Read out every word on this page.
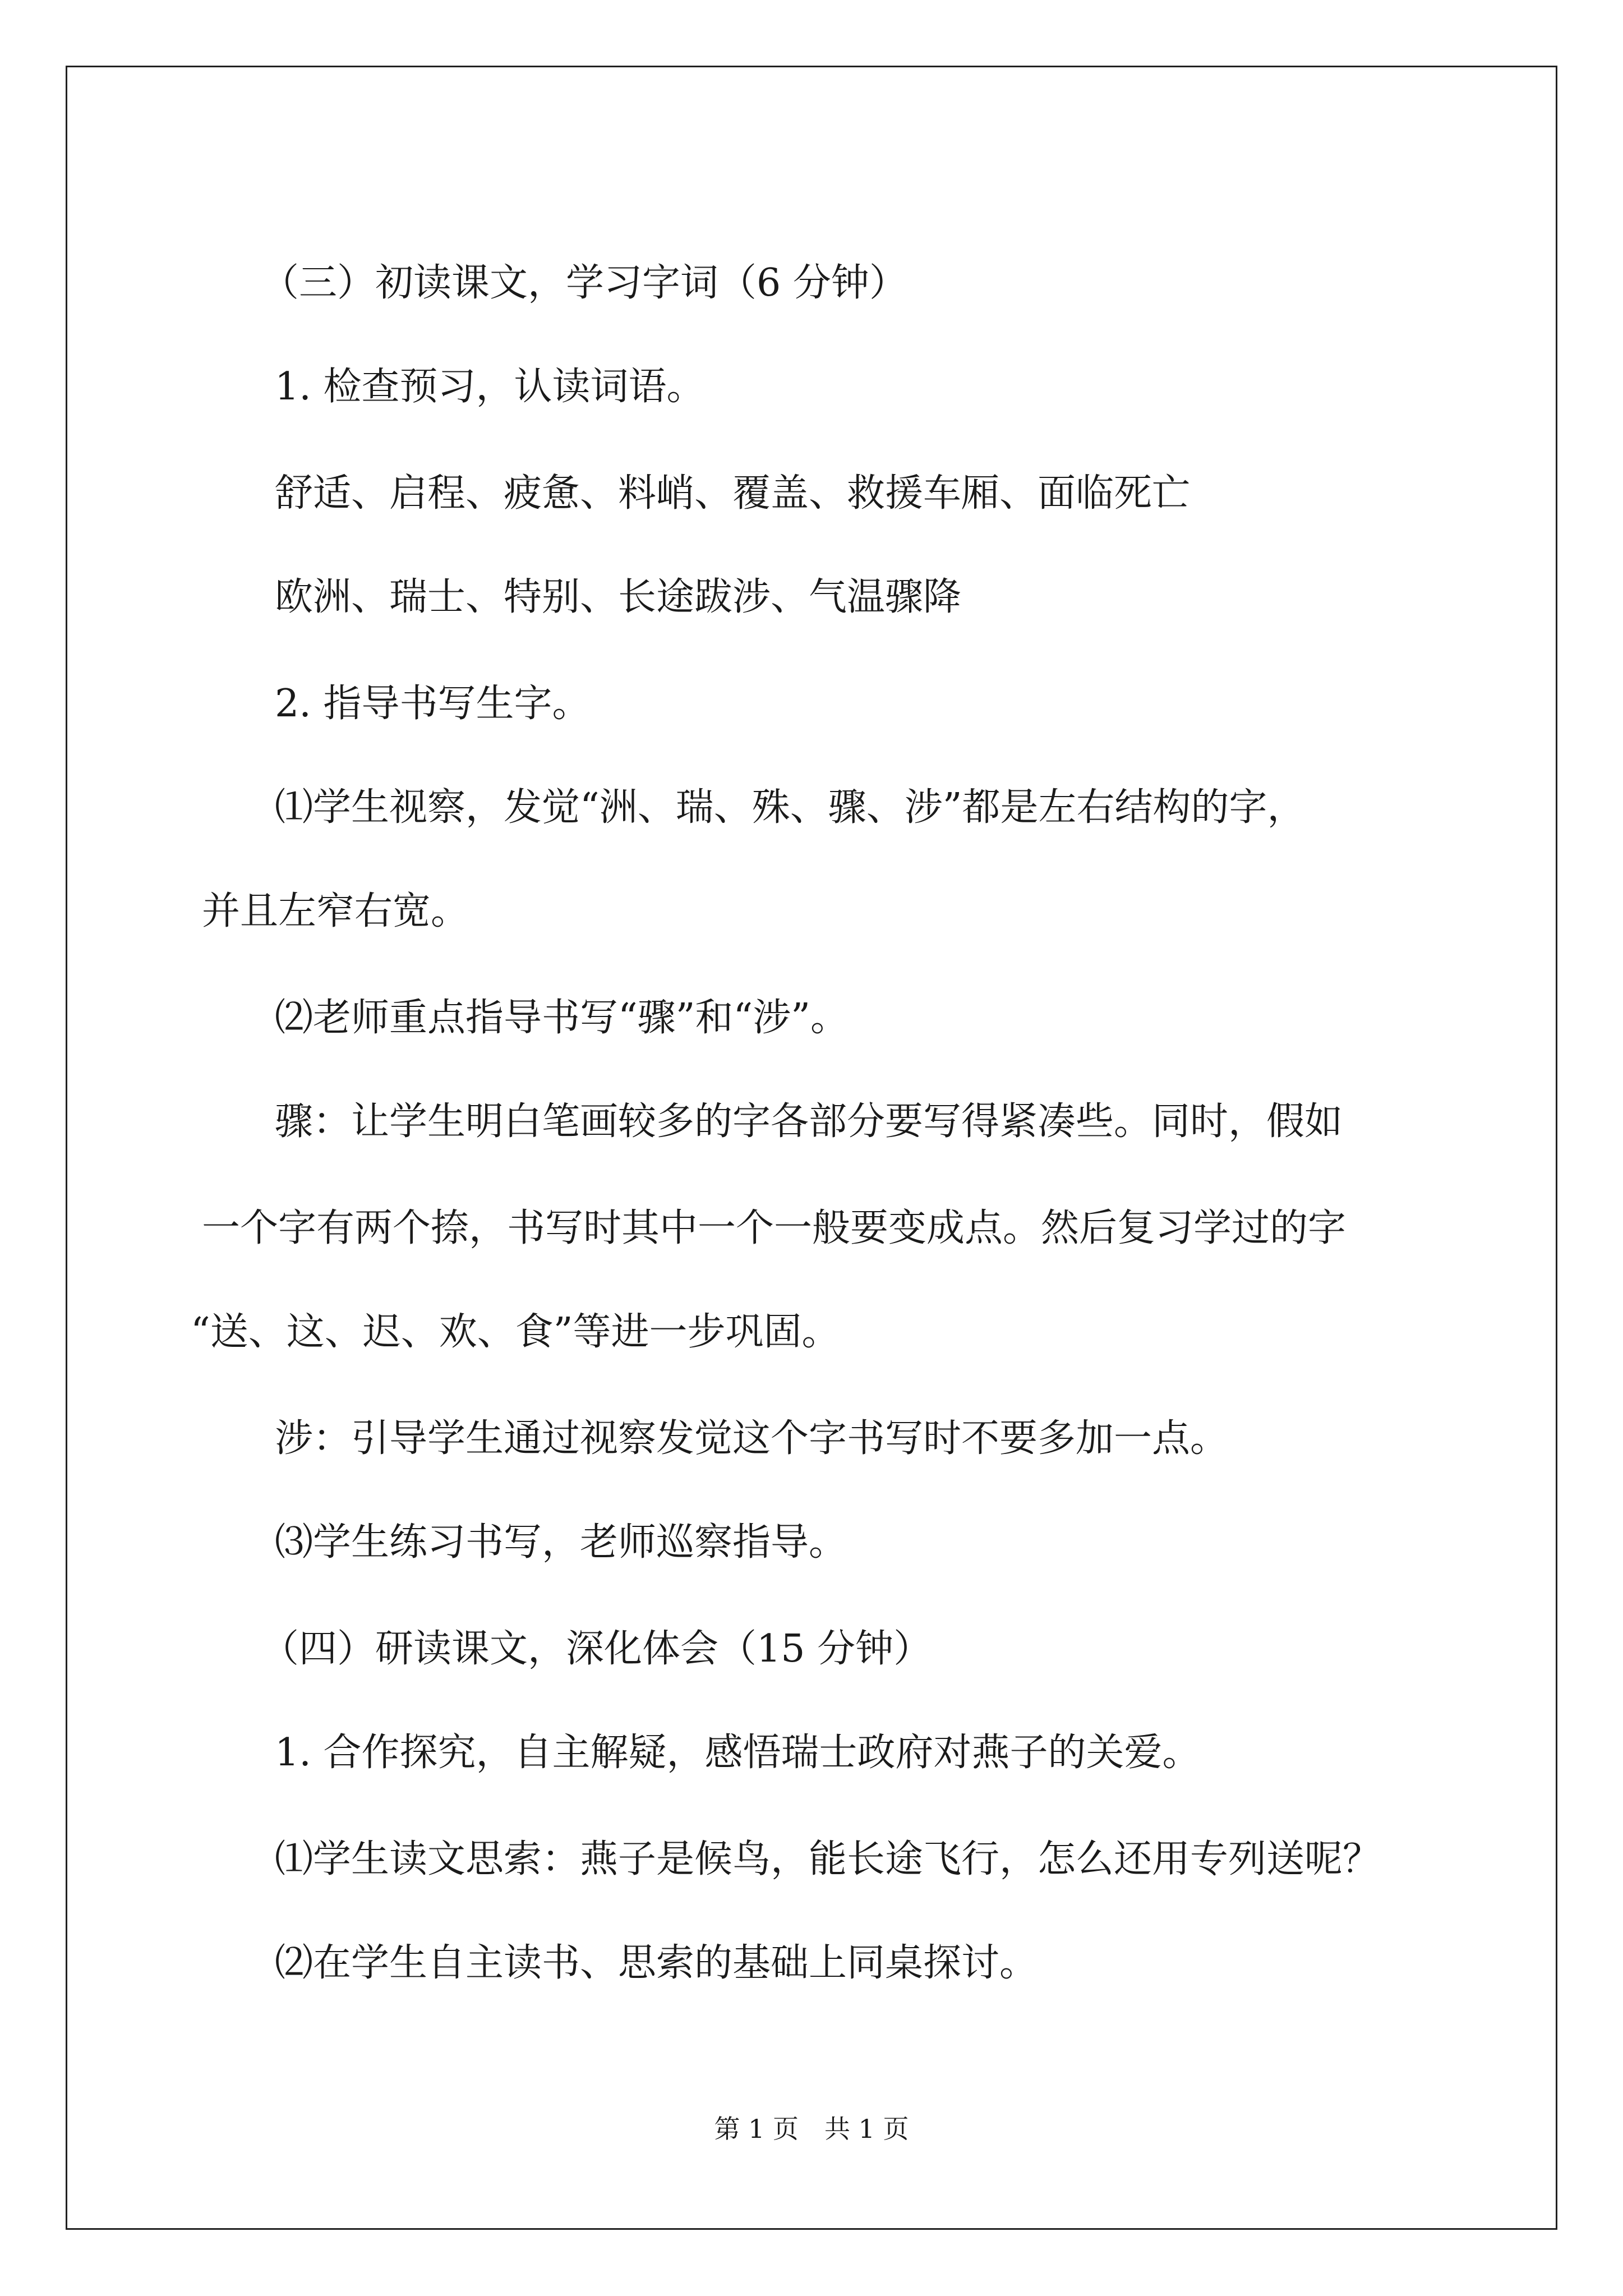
（三）初读课文，学习字词（6 分钟）
1. 检查预习，认读词语。
舒适、启程、疲惫、料峭、覆盖、救援车厢、面临死亡
欧洲、瑞士、特别、长途跋涉、气温骤降
2. 指导书写生字。
⑴学生视察，发觉“洲、瑞、殊、骤、涉”都是左右结构的字，
并且左窄右宽。
⑵老师重点指导书写“骤”和“涉”。
骤：让学生明白笔画较多的字各部分要写得紧凑些。同时，假如
一个字有两个捺，书写时其中一个一般要变成点。然后复习学过的字
“送、这、迟、欢、食”等进一步巩固。
涉：引导学生通过视察发觉这个字书写时不要多加一点。
⑶学生练习书写，老师巡察指导。
（四）研读课文，深化体会（15 分钟）
1. 合作探究，自主解疑，感悟瑞士政府对燕子的关爱。
⑴学生读文思索：燕子是候鸟，能长途飞行，怎么还用专列送呢？
⑵在学生自主读书、思索的基础上同桌探讨。
第 1 页　共 1 页
